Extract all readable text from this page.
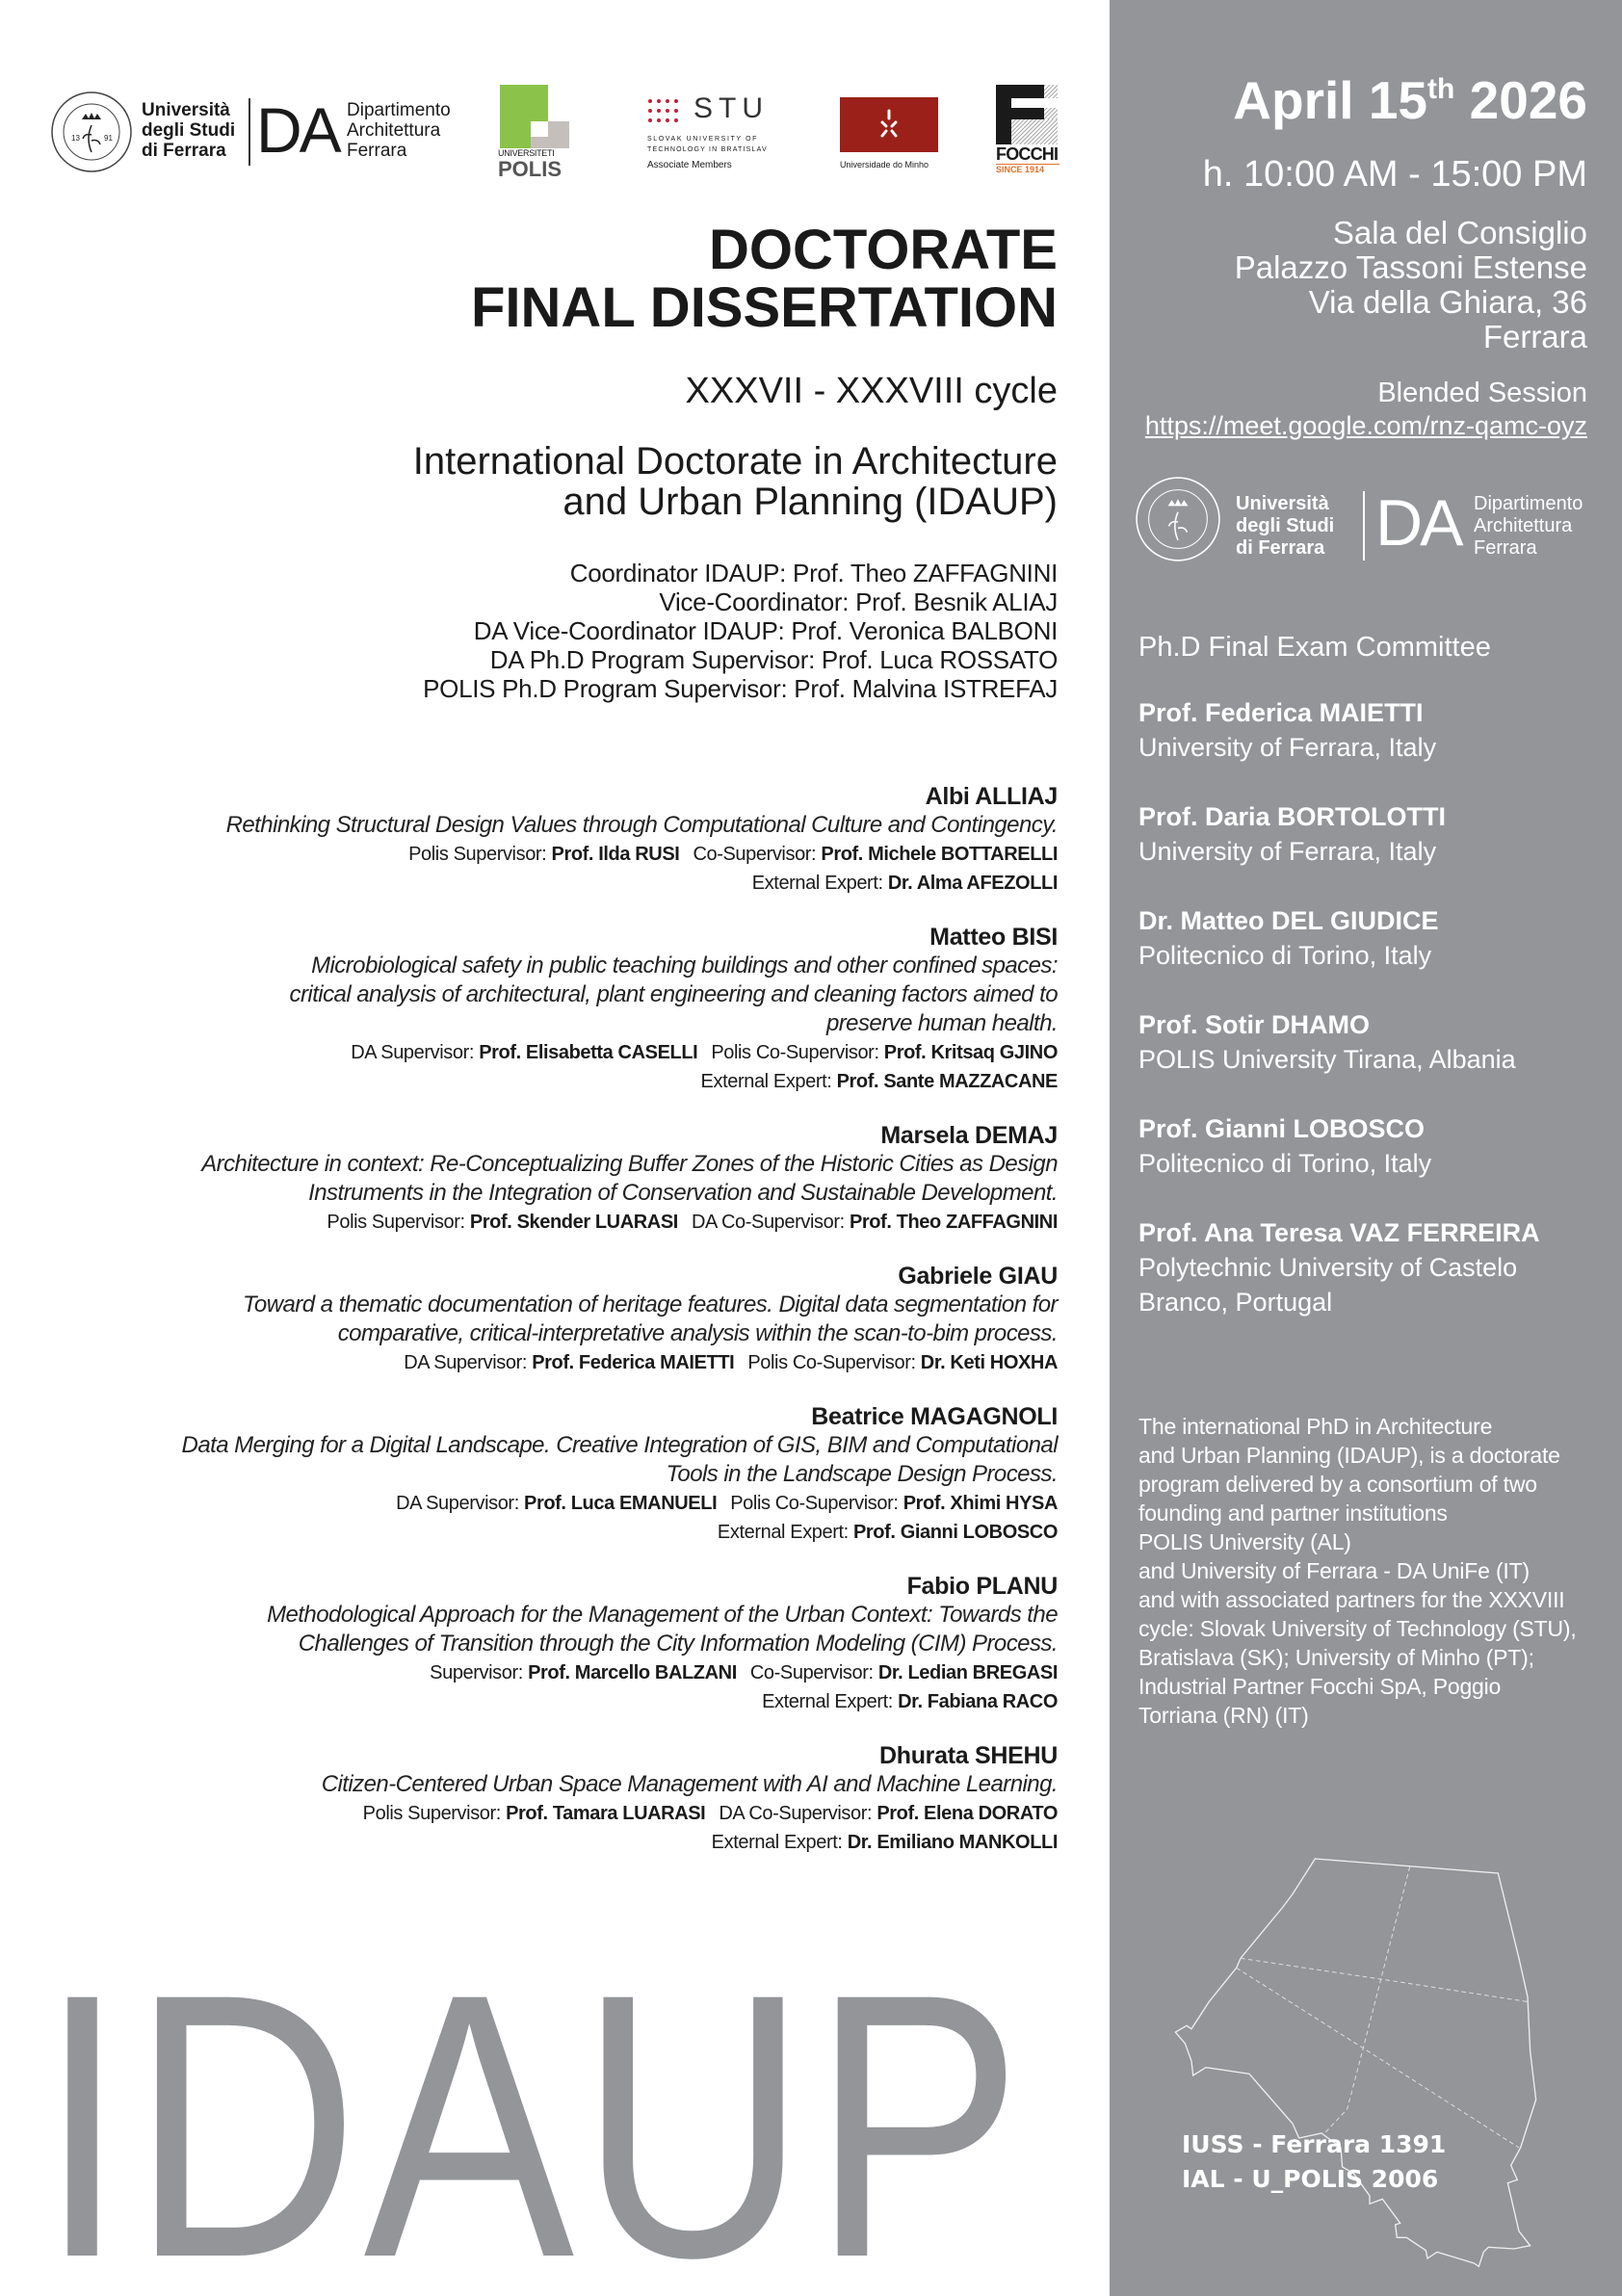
13	91
Università
degli Studi
di Ferrara DA Dipartimento
Architettura
Ferrara	UNIVERSITETI
POLIS
STU
SLOVAK UNIVERSITY OF
TECHNOLOGY IN BRATISLAV
Associate Members	Universidade do Minho
FOCCHI
SINCE 1914
DOCTORATE
FINAL DISSERTATION
XXXVII - XXXVIII cycle
International Doctorate in Architecture
and Urban Planning (IDAUP)
Coordinator IDAUP: Prof. Theo ZAFFAGNINI
Vice-Coordinator: Prof. Besnik ALIAJ
DA Vice-Coordinator IDAUP: Prof. Veronica BALBONI
DA Ph.D Program Supervisor: Prof. Luca ROSSATO
POLIS Ph.D Program Supervisor: Prof. Malvina ISTREFAJ
Albi ALLIAJ
Rethinking Structural Design Values through Computational Culture and Contingency.
Polis Supervisor: Prof. Ilda RUSI Co-Supervisor: Prof. Michele BOTTARELLI
External Expert: Dr. Alma AFEZOLLI
Matteo BISI
Microbiological safety in public teaching buildings and other confined spaces:
critical analysis of architectural, plant engineering and cleaning factors aimed to
preserve human health.
DA Supervisor: Prof. Elisabetta CASELLI Polis Co-Supervisor: Prof. Kritsaq GJINO
External Expert: Prof. Sante MAZZACANE
Marsela DEMAJ
Architecture in context: Re-Conceptualizing Buffer Zones of the Historic Cities as Design
Instruments in the Integration of Conservation and Sustainable Development.
Polis Supervisor: Prof. Skender LUARASI DA Co-Supervisor: Prof. Theo ZAFFAGNINI
Gabriele GIAU
Toward a thematic documentation of heritage features. Digital data segmentation for
comparative, critical-interpretative analysis within the scan-to-bim process.
DA Supervisor: Prof. Federica MAIETTI Polis Co-Supervisor: Dr. Keti HOXHA
Beatrice MAGAGNOLI
Data Merging for a Digital Landscape. Creative Integration of GIS, BIM and Computational
Tools in the Landscape Design Process.
DA Supervisor: Prof. Luca EMANUELI Polis Co-Supervisor: Prof. Xhimi HYSA
External Expert: Prof. Gianni LOBOSCO
Fabio PLANU
Methodological Approach for the Management of the Urban Context: Towards the
Challenges of Transition through the City Information Modeling (CIM) Process.
Supervisor: Prof. Marcello BALZANI Co-Supervisor: Dr. Ledian BREGASI
External Expert: Dr. Fabiana RACO
Dhurata SHEHU
Citizen-Centered Urban Space Management with AI and Machine Learning.
Polis Supervisor: Prof. Tamara LUARASI DA Co-Supervisor: Prof. Elena DORATO
External Expert: Dr. Emiliano MANKOLLI
IDAUP
April 15th 2026
h. 10:00 AM - 15:00 PM
Sala del Consiglio
Palazzo Tassoni Estense
Via della Ghiara, 36
Ferrara
Blended Session
https://meet.google.com/rnz-qamc-oyz
Università
degli Studi
di Ferrara DA Dipartimento
Architettura
Ferrara
Ph.D Final Exam Committee
Prof. Federica MAIETTI
University of Ferrara, Italy
Prof. Daria BORTOLOTTI
University of Ferrara, Italy
Dr. Matteo DEL GIUDICE
Politecnico di Torino, Italy
Prof. Sotir DHAMO
POLIS University Tirana, Albania
Prof. Gianni LOBOSCO
Politecnico di Torino, Italy
Prof. Ana Teresa VAZ FERREIRA
Polytechnic University of Castelo
Branco, Portugal
The international PhD in Architecture
and Urban Planning (IDAUP), is a doctorate
program delivered by a consortium of two
founding and partner institutions
POLIS University (AL)
and University of Ferrara - DA UniFe (IT)
and with associated partners for the XXXVIII
cycle: Slovak University of Technology (STU),
Bratislava (SK); University of Minho (PT);
Industrial Partner Focchi SpA, Poggio
Torriana (RN) (IT)
IUSS - Ferrara 1391
IAL - U_POLIS 2006
